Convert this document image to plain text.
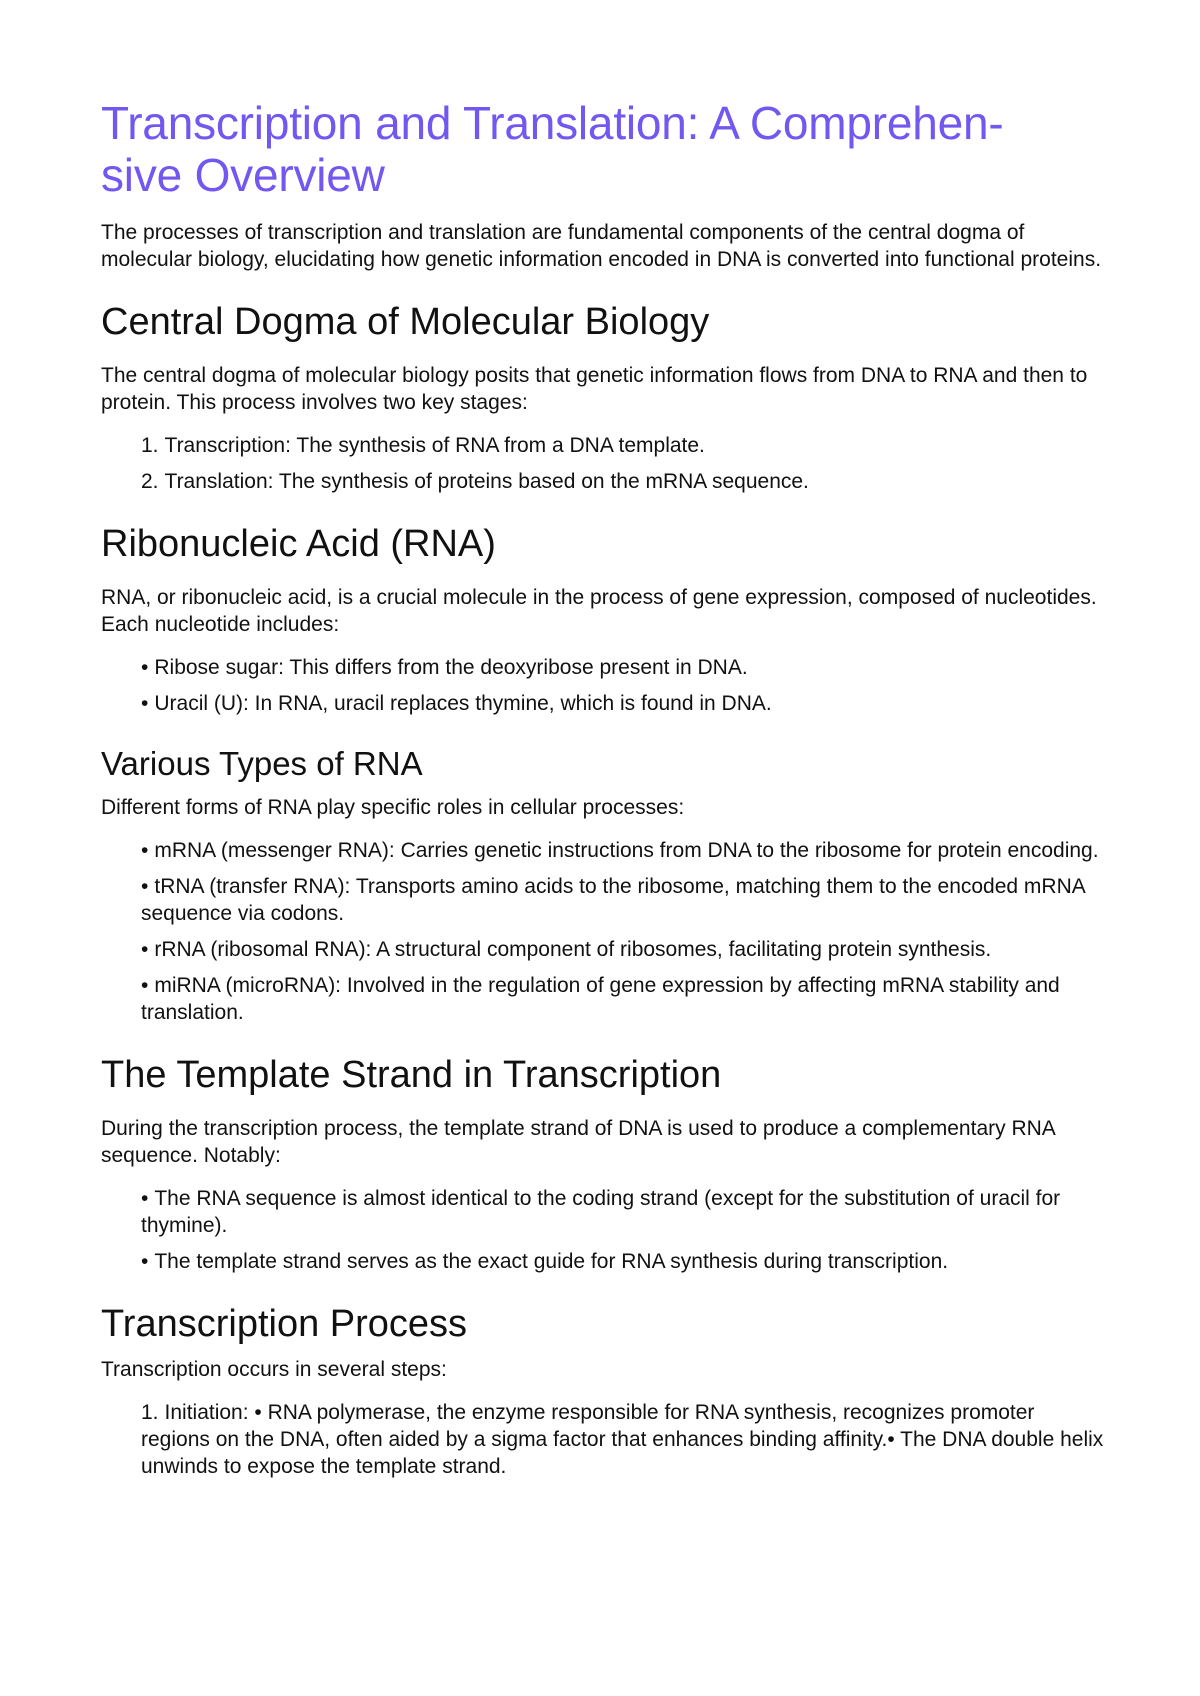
Transcription and Translation: A Comprehen-
sive Overview

The processes of transcription and translation are fundamental components of the central dogma of molecular biology, elucidating how genetic information encoded in DNA is converted into functional proteins.

Central Dogma of Molecular Biology

The central dogma of molecular biology posits that genetic information flows from DNA to RNA and then to protein. This process involves two key stages:

1. Transcription: The synthesis of RNA from a DNA template.
2. Translation: The synthesis of proteins based on the mRNA sequence.
Ribonucleic Acid (RNA)

RNA, or ribonucleic acid, is a crucial molecule in the process of gene expression, composed of nucleotides. Each nucleotide includes:

• Ribose sugar: This differs from the deoxyribose present in DNA.
• Uracil (U): In RNA, uracil replaces thymine, which is found in DNA.
Various Types of RNA

Different forms of RNA play specific roles in cellular processes:

• mRNA (messenger RNA): Carries genetic instructions from DNA to the ribosome for protein encoding.
• tRNA (transfer RNA): Transports amino acids to the ribosome, matching them to the encoded mRNA sequence via codons.
• rRNA (ribosomal RNA): A structural component of ribosomes, facilitating protein synthesis.
• miRNA (microRNA): Involved in the regulation of gene expression by affecting mRNA stability and translation.
The Template Strand in Transcription

During the transcription process, the template strand of DNA is used to produce a complementary RNA sequence. Notably:

• The RNA sequence is almost identical to the coding strand (except for the substitution of uracil for thymine).
• The template strand serves as the exact guide for RNA synthesis during transcription.
Transcription Process

Transcription occurs in several steps:

1. Initiation: • RNA polymerase, the enzyme responsible for RNA synthesis, recognizes promoter regions on the DNA, often aided by a sigma factor that enhances binding affinity.• The DNA double helix unwinds to expose the template strand.
